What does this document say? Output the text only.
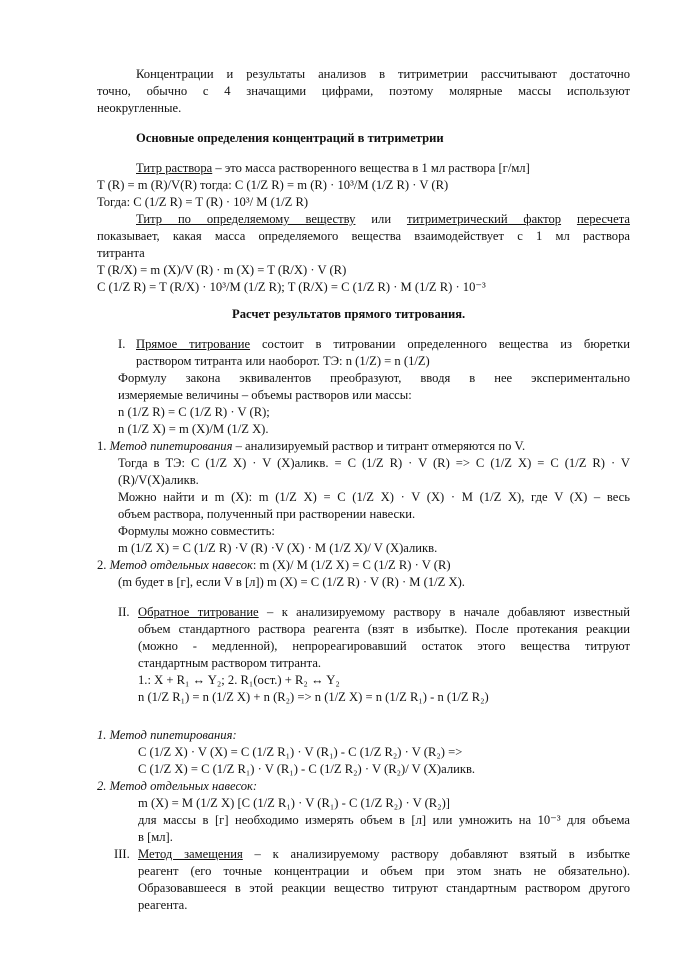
Концентрации и результаты анализов в титриметрии рассчитывают достаточно
точно, обычно с 4 значащими цифрами, поэтому молярные массы используют
неокругленные.
Основные определения концентраций в титриметрии
Титр раствора – это масса растворенного вещества в 1 мл раствора [г/мл]
T (R) = m (R)/V(R) тогда: C (1/Z R) = m (R) · 10³/M (1/Z R) · V (R)
Тогда: C (1/Z R) = T (R) · 10³/ M (1/Z R)
Титр по определяемому веществу или титриметрический фактор пересчета
показывает, какая масса определяемого вещества взаимодействует с 1 мл раствора
титранта
T (R/X) = m (X)/V (R) · m (X) = T (R/X) · V (R)
C (1/Z R) = T (R/X) · 10³/M (1/Z R); T (R/X) = C (1/Z R) · M (1/Z R) · 10⁻³
Расчет результатов прямого титрования.
I. Прямое титрование состоит в титровании определенного вещества из бюретки
раствором титранта или наоборот. ТЭ: n (1/Z) = n (1/Z)
Формулу закона эквивалентов преобразуют, вводя в нее экспериментально
измеряемые величины – объемы растворов или массы:
n (1/Z R) = C (1/Z R) · V (R);
n (1/Z X) = m (X)/M (1/Z X).
1. Метод пипетирования – анализируемый раствор и титрант отмеряются по V.
Тогда в ТЭ: C (1/Z X) · V (X)аликв. = C (1/Z R) · V (R) => C (1/Z X) = C (1/Z R) · V
(R)/V(X)аликв.
Можно найти и m (X): m (1/Z X) = C (1/Z X) · V (X) · M (1/Z X), где V (X) – весь
объем раствора, полученный при растворении навески.
Формулы можно совместить:
m (1/Z X) = C (1/Z R) ·V (R) ·V (X) · M (1/Z X)/ V (X)аликв.
2. Метод отдельных навесок: m (X)/ M (1/Z X) = C (1/Z R) · V (R)
(m будет в [г], если V в [л]) m (X) = C (1/Z R) · V (R) · M (1/Z X).
II. Обратное титрование – к анализируемому раствору в начале добавляют известный
объем стандартного раствора реагента (взят в избытке). После протекания реакции
(можно - медленной), непрореагировавший остаток этого вещества титруют
стандартным раствором титранта.
1.: X + R₁ ↔ Y₂; 2. R₁(ост.) + R₂ ↔ Y₂
n (1/Z R₁) = n (1/Z X) + n (R₂) => n (1/Z X) = n (1/Z R₁) - n (1/Z R₂)
1. Метод пипетирования:
C (1/Z X) · V (X) = C (1/Z R₁) · V (R₁) - C (1/Z R₂) · V (R₂) =>
C (1/Z X) = C (1/Z R₁) · V (R₁) - C (1/Z R₂) · V (R₂)/ V (X)аликв.
2. Метод отдельных навесок:
m (X) = M (1/Z X) [C (1/Z R₁) · V (R₁) - C (1/Z R₂) · V (R₂)]
для массы в [г] необходимо измерять объем в [л] или умножить на 10⁻³ для объема
в [мл].
III. Метод замещения – к анализируемому раствору добавляют взятый в избытке
реагент (его точные концентрации и объем при этом знать не обязательно).
Образовавшееся в этой реакции вещество титруют стандартным раствором другого
реагента.
